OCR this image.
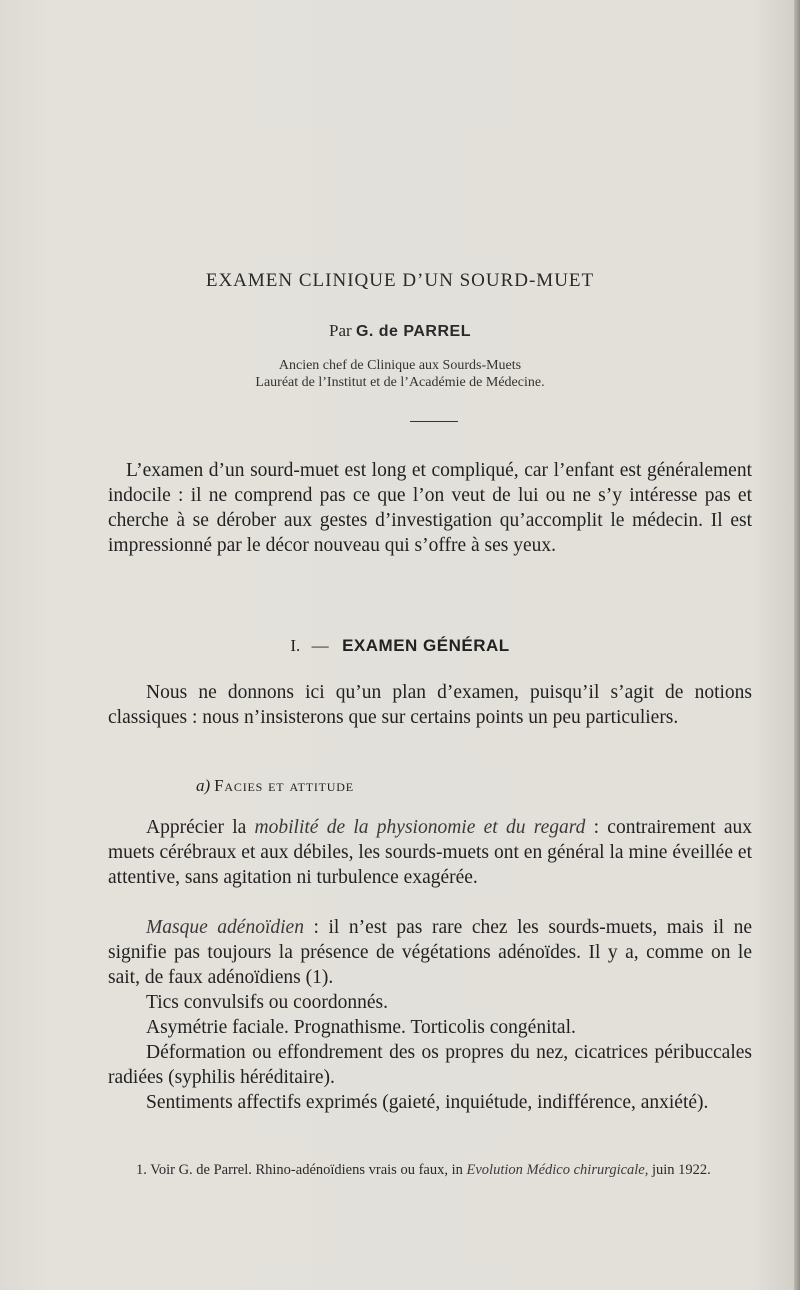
EXAMEN CLINIQUE D’UN SOURD-MUET
Par G. de PARREL
Ancien chef de Clinique aux Sourds-Muets
Lauréat de l’Institut et de l’Académie de Médecine.

L’examen d’un sourd-muet est long et compliqué, car l’enfant est généralement indocile : il ne comprend pas ce que l’on veut de lui ou ne s’y intéresse pas et cherche à se dérober aux gestes d’investigation qu’accomplit le médecin. Il est impressionné par le décor nouveau qui s’offre à ses yeux.

I. — EXAMEN GÉNÉRAL

Nous ne donnons ici qu’un plan d’examen, puisqu’il s’agit de notions classiques : nous n’insisterons que sur certains points un peu particuliers.

a) Facies et attitude

Apprécier la mobilité de la physionomie et du regard : contrairement aux muets cérébraux et aux débiles, les sourds-muets ont en général la mine éveillée et attentive, sans agitation ni turbulence exagérée.

Masque adénoïdien : il n’est pas rare chez les sourds-muets, mais il ne signifie pas toujours la présence de végétations adénoïdes. Il y a, comme on le sait, de faux adénoïdiens (1).

Tics convulsifs ou coordonnés.

Asymétrie faciale. Prognathisme. Torticolis congénital.

Déformation ou effondrement des os propres du nez, cicatrices péribuccales radiées (syphilis héréditaire).

Sentiments affectifs exprimés (gaieté, inquiétude, indifférence, anxiété).

1. Voir G. de Parrel. Rhino-adénoïdiens vrais ou faux, in Evolution Médico chirurgicale, juin 1922.
